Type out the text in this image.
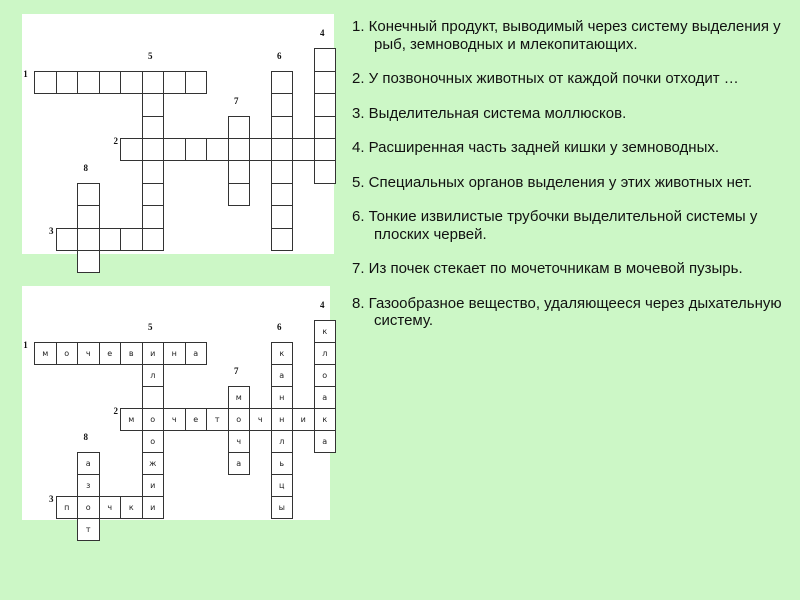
1
2
3
4
5	6
7
8
м	о	ч	е	в	и	н	а
м	о	ч	е	т	о	ч	н	и	к
п	о	ч	к	и
к
л
о
а
а
л
о
ж
и
к
а
н
л
ь
ц
ы
м
ч
а
а
з
т
1
2
3
4
5	6
7
8
1. Конечный продукт, выводимый через систему выделения у рыб, земноводных и млекопитающих.
2. У позвоночных животных от каждой почки отходит …
3. Выделительная система моллюсков.
4. Расширенная часть задней кишки у земноводных.
5. Специальных органов выделения у этих животных нет.
6. Тонкие извилистые трубочки выделительной системы у плоских червей.
7. Из почек стекает по мочеточникам в мочевой пузырь.
8. Газообразное вещество, удаляющееся через дыхательную систему.
